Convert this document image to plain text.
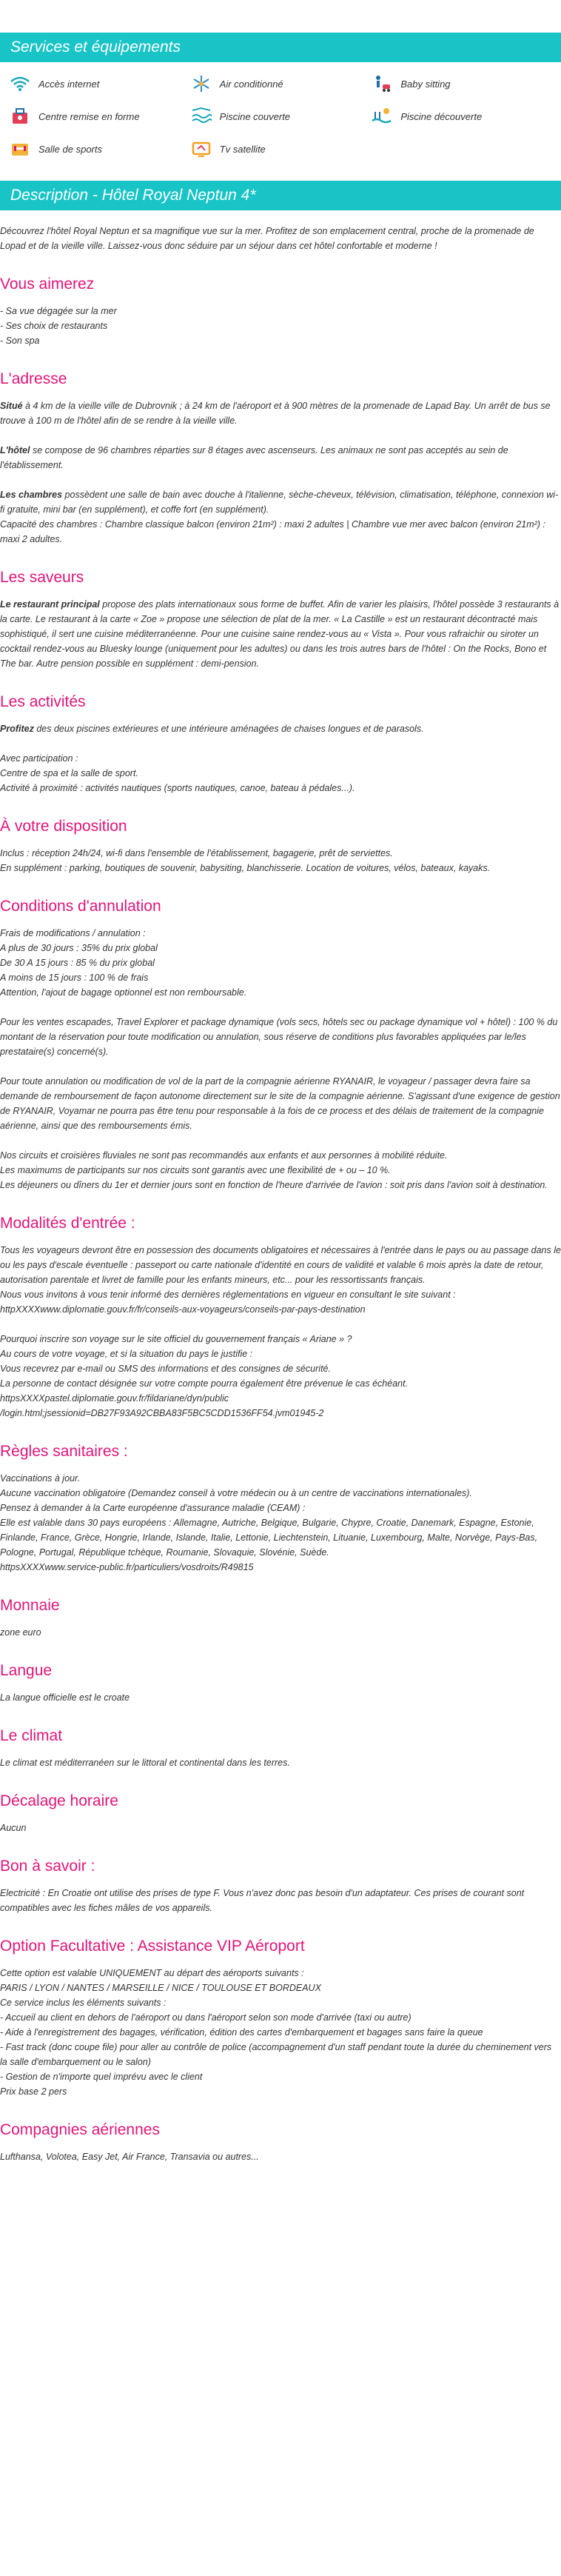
Services et équipements
Accès internet	Air conditionné	Baby sitting
Centre remise en forme	Piscine couverte	Piscine découverte
Salle de sports	Tv satellite
Description - Hôtel Royal Neptun 4*

Découvrez l'hôtel Royal Neptun et sa magnifique vue sur la mer. Profitez de son emplacement central, proche de la promenade de Lopad et de la vieille ville. Laissez-vous donc séduire par un séjour dans cet hôtel confortable et moderne !

Vous aimerez
- Sa vue dégagée sur la mer
- Ses choix de restaurants
- Son spa
L'adresse

Situé à 4 km de la vieille ville de Dubrovnik ; à 24 km de l'aéroport et à 900 mètres de la promenade de Lapad Bay. Un arrêt de bus se trouve à 100 m de l'hôtel afin de se rendre à la vieille ville.

L'hôtel se compose de 96 chambres réparties sur 8 étages avec ascenseurs. Les animaux ne sont pas acceptés au sein de l'établissement.

Les chambres possèdent une salle de bain avec douche à l'italienne, sèche-cheveux, télévision, climatisation, téléphone, connexion wi-fi gratuite, mini bar (en supplément), et coffe fort (en supplément).

Capacité des chambres : Chambre classique balcon (environ 21m²) : maxi 2 adultes | Chambre vue mer avec balcon (environ 21m²) : maxi 2 adultes.

Les saveurs

Le restaurant principal propose des plats internationaux sous forme de buffet. Afin de varier les plaisirs, l'hôtel possède 3 restaurants à la carte. Le restaurant à la carte « Zoe » propose une sélection de plat de la mer. « La Castille » est un restaurant décontracté mais sophistiqué, il sert une cuisine méditerranéenne. Pour une cuisine saine rendez-vous au « Vista ». Pour vous rafraichir ou siroter un cocktail rendez-vous au Bluesky lounge (uniquement pour les adultes) ou dans les trois autres bars de l'hôtel : On the Rocks, Bono et The bar. Autre pension possible en supplément : demi-pension.

Les activités

Profitez des deux piscines extérieures et une intérieure aménagées de chaises longues et de parasols.

Avec participation :
Centre de spa et la salle de sport.
Activité à proximité : activités nautiques (sports nautiques, canoe, bateau à pédales...).
À votre disposition
Inclus : réception 24h/24, wi-fi dans l'ensemble de l'établissement, bagagerie, prêt de serviettes.
En supplément : parking, boutiques de souvenir, babysiting, blanchisserie. Location de voitures, vélos, bateaux, kayaks.
Conditions d'annulation
Frais de modifications / annulation :
A plus de 30 jours : 35% du prix global
De 30 A 15 jours : 85 % du prix global
A moins de 15 jours : 100 % de frais
Attention, l'ajout de bagage optionnel est non remboursable.

Pour les ventes escapades, Travel Explorer et package dynamique (vols secs, hôtels sec ou package dynamique vol + hôtel) : 100 % du montant de la réservation pour toute modification ou annulation, sous réserve de conditions plus favorables appliquées par le/les prestataire(s) concerné(s).

Pour toute annulation ou modification de vol de la part de la compagnie aérienne RYANAIR, le voyageur / passager devra faire sa demande de remboursement de façon autonome directement sur le site de la compagnie aérienne. S'agissant d'une exigence de gestion de RYANAIR, Voyamar ne pourra pas être tenu pour responsable à la fois de ce process et des délais de traitement de la compagnie aérienne, ainsi que des remboursements émis.

Nos circuits et croisières fluviales ne sont pas recommandés aux enfants et aux personnes à mobilité réduite.
Les maximums de participants sur nos circuits sont garantis avec une flexibilité de + ou – 10 %.

Les déjeuners ou dîners du 1er et dernier jours sont en fonction de l'heure d'arrivée de l'avion : soit pris dans l'avion soit à destination.

Modalités d'entrée :

Tous les voyageurs devront être en possession des documents obligatoires et nécessaires à l'entrée dans le pays ou au passage dans le ou les pays d'escale éventuelle : passeport ou carte nationale d'identité en cours de validité et valable 6 mois après la date de retour, autorisation parentale et livret de famille pour les enfants mineurs, etc... pour les ressortissants français.

Nous vous invitons à vous tenir informé des dernières réglementations en vigueur en consultant le site suivant : httpXXXXwww.diplomatie.gouv.fr/fr/conseils-aux-voyageurs/conseils-par-pays-destination

Pourquoi inscrire son voyage sur le site officiel du gouvernement français « Ariane » ?
Au cours de votre voyage, et si la situation du pays le justifie :
Vous recevrez par e-mail ou SMS des informations et des consignes de sécurité.
La personne de contact désignée sur votre compte pourra également être prévenue le cas échéant.
httpsXXXXpastel.diplomatie.gouv.fr/fildariane/dyn/public
/login.html;jsessionid=DB27F93A92CBBA83F5BC5CDD1536FF54.jvm01945-2
Règles sanitaires :
Vaccinations à jour.
Aucune vaccination obligatoire (Demandez conseil à votre médecin ou à un centre de vaccinations internationales).
Pensez à demander à la Carte européenne d'assurance maladie (CEAM) :

Elle est valable dans 30 pays européens : Allemagne, Autriche, Belgique, Bulgarie, Chypre, Croatie, Danemark, Espagne, Estonie, Finlande, France, Grèce, Hongrie, Irlande, Islande, Italie, Lettonie, Liechtenstein, Lituanie, Luxembourg, Malte, Norvège, Pays-Bas, Pologne, Portugal, République tchèque, Roumanie, Slovaquie, Slovénie, Suède.

httpsXXXXwww.service-public.fr/particuliers/vosdroits/R49815

Monnaie

zone euro

Langue

La langue officielle est le croate

Le climat

Le climat est méditerranéen sur le littoral et continental dans les terres.

Décalage horaire

Aucun

Bon à savoir :

Electricité : En Croatie ont utilise des prises de type F. Vous n'avez donc pas besoin d'un adaptateur. Ces prises de courant sont compatibles avec les fiches mâles de vos appareils.

Option Facultative : Assistance VIP Aéroport
Cette option est valable UNIQUEMENT au départ des aéroports suivants :
PARIS / LYON / NANTES / MARSEILLE / NICE / TOULOUSE ET BORDEAUX
Ce service inclus les éléments suivants :
- Accueil au client en dehors de l'aéroport ou dans l'aéroport selon son mode d'arrivée (taxi ou autre)
- Aide à l'enregistrement des bagages, vérification, édition des cartes d'embarquement et bagages sans faire la queue
- Fast track (donc coupe file) pour aller au contrôle de police (accompagnement d'un staff pendant toute la durée du cheminement vers la salle d'embarquement ou le salon)
- Gestion de n'importe quel imprévu avec le client
Prix base 2 pers
Compagnies aériennes

Lufthansa, Volotea, Easy Jet, Air France, Transavia ou autres...
